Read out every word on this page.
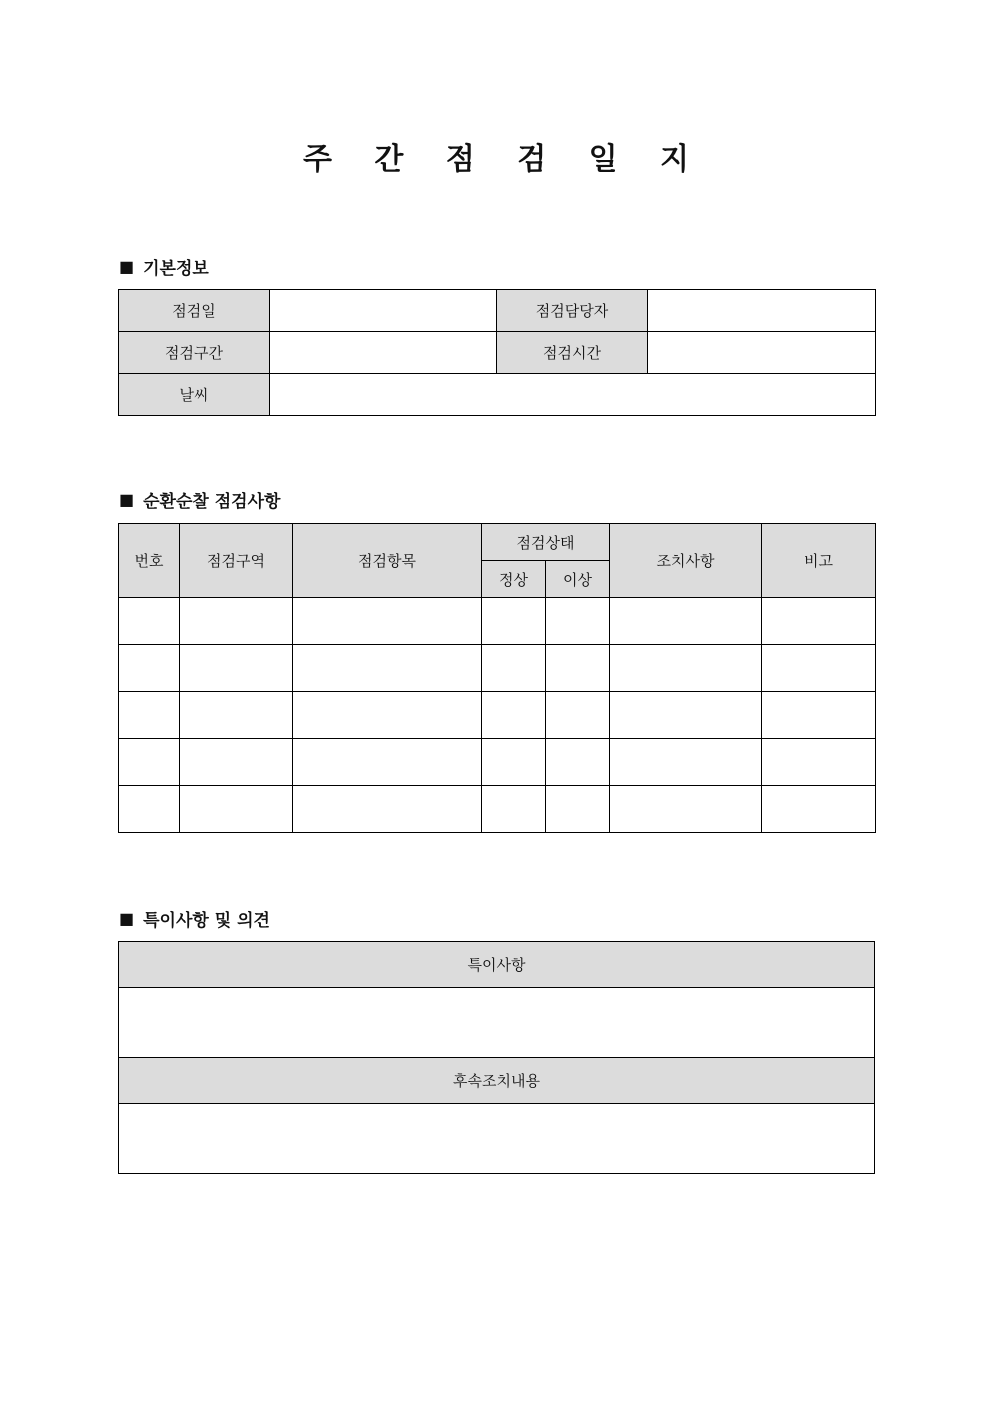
주 간 점 검 일 지
■ 기본정보
점검일		점검담당자	
점검구간		점검시간	
날씨			
■ 순환순찰 점검사항
번호	점검구역	점검항목	점검상태		조치사항	비고
			정상	이상		

■ 특이사항 및 의견
특이사항

후속조치내용
